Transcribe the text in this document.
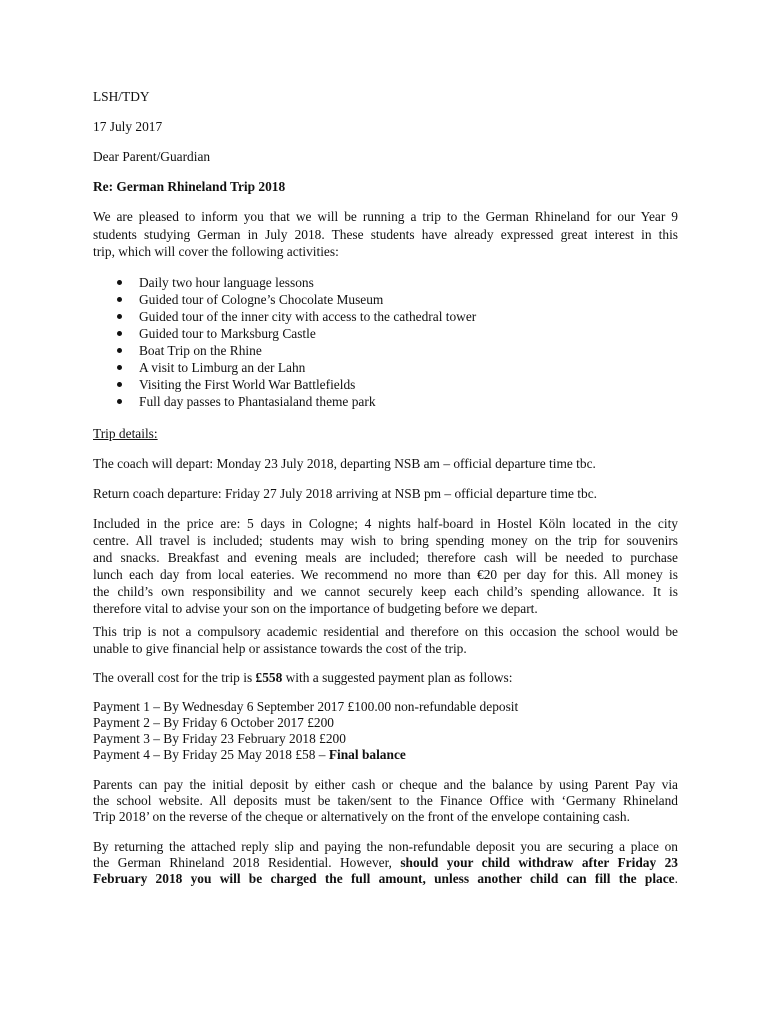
LSH/TDY

17 July 2017

Dear Parent/Guardian

Re: German Rhineland Trip 2018

We are pleased to inform you that we will be running a trip to the German Rhineland for our Year 9
students studying German in July 2018. These students have already expressed great interest in this
trip, which will cover the following activities:

Daily two hour language lessons
Guided tour of Cologne’s Chocolate Museum
Guided tour of the inner city with access to the cathedral tower
Guided tour to Marksburg Castle
Boat Trip on the Rhine
A visit to Limburg an der Lahn
Visiting the First World War Battlefields
Full day passes to Phantasialand theme park

Trip details:

The coach will depart: Monday 23 July 2018, departing NSB am – official departure time tbc.

Return coach departure: Friday 27 July 2018 arriving at NSB pm – official departure time tbc.

Included in the price are: 5 days in Cologne; 4 nights half-board in Hostel Köln located in the city
centre. All travel is included; students may wish to bring spending money on the trip for souvenirs
and snacks. Breakfast and evening meals are included; therefore cash will be needed to purchase
lunch each day from local eateries. We recommend no more than €20 per day for this. All money is
the child’s own responsibility and we cannot securely keep each child’s spending allowance. It is
therefore vital to advise your son on the importance of budgeting before we depart.

This trip is not a compulsory academic residential and therefore on this occasion the school would be
unable to give financial help or assistance towards the cost of the trip.

The overall cost for the trip is £558 with a suggested payment plan as follows:

Payment 1 – By Wednesday 6 September 2017 £100.00 non-refundable deposit
Payment 2 – By Friday 6 October 2017 £200
Payment 3 – By Friday 23 February 2018 £200
Payment 4 – By Friday 25 May 2018 £58 – Final balance

Parents can pay the initial deposit by either cash or cheque and the balance by using Parent Pay via
the school website. All deposits must be taken/sent to the Finance Office with ‘Germany Rhineland
Trip 2018’ on the reverse of the cheque or alternatively on the front of the envelope containing cash.

By returning the attached reply slip and paying the non-refundable deposit you are securing a place on
the German Rhineland 2018 Residential. However, should your child withdraw after Friday 23
February 2018 you will be charged the full amount, unless another child can fill the place.
